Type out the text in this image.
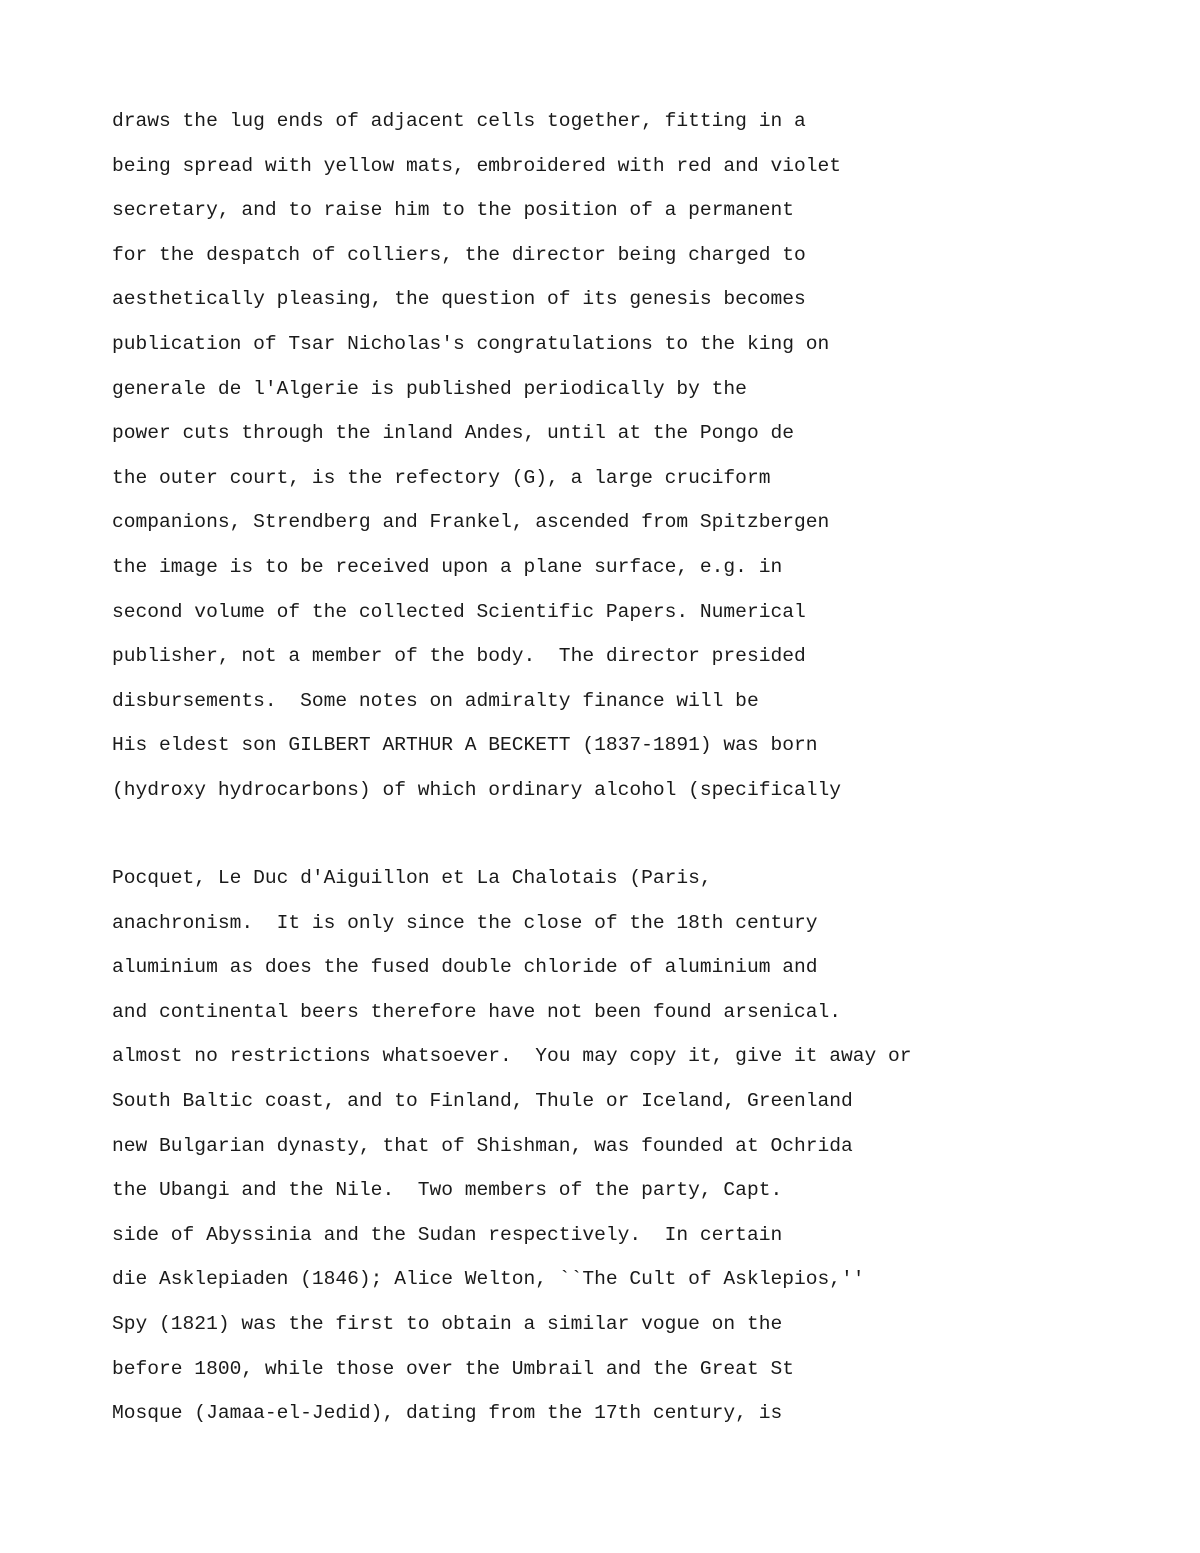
draws the lug ends of adjacent cells together, fitting in a
being spread with yellow mats, embroidered with red and violet
secretary, and to raise him to the position of a permanent
for the despatch of colliers, the director being charged to
aesthetically pleasing, the question of its genesis becomes
publication of Tsar Nicholas's congratulations to the king on
generale de l'Algerie is published periodically by the
power cuts through the inland Andes, until at the Pongo de
the outer court, is the refectory (G), a large cruciform
companions, Strendberg and Frankel, ascended from Spitzbergen
the image is to be received upon a plane surface, e.g. in
second volume of the collected Scientific Papers. Numerical
publisher, not a member of the body.  The director presided
disbursements.  Some notes on admiralty finance will be
His eldest son GILBERT ARTHUR A BECKETT (1837-1891) was born
(hydroxy hydrocarbons) of which ordinary alcohol (specifically
Pocquet, Le Duc d'Aiguillon et La Chalotais (Paris,
anachronism.  It is only since the close of the 18th century
aluminium as does the fused double chloride of aluminium and
and continental beers therefore have not been found arsenical.
almost no restrictions whatsoever.  You may copy it, give it away or
South Baltic coast, and to Finland, Thule or Iceland, Greenland
new Bulgarian dynasty, that of Shishman, was founded at Ochrida
the Ubangi and the Nile.  Two members of the party, Capt.
side of Abyssinia and the Sudan respectively.  In certain
die Asklepiaden (1846); Alice Welton, ``The Cult of Asklepios,''
Spy (1821) was the first to obtain a similar vogue on the
before 1800, while those over the Umbrail and the Great St
Mosque (Jamaa-el-Jedid), dating from the 17th century, is
